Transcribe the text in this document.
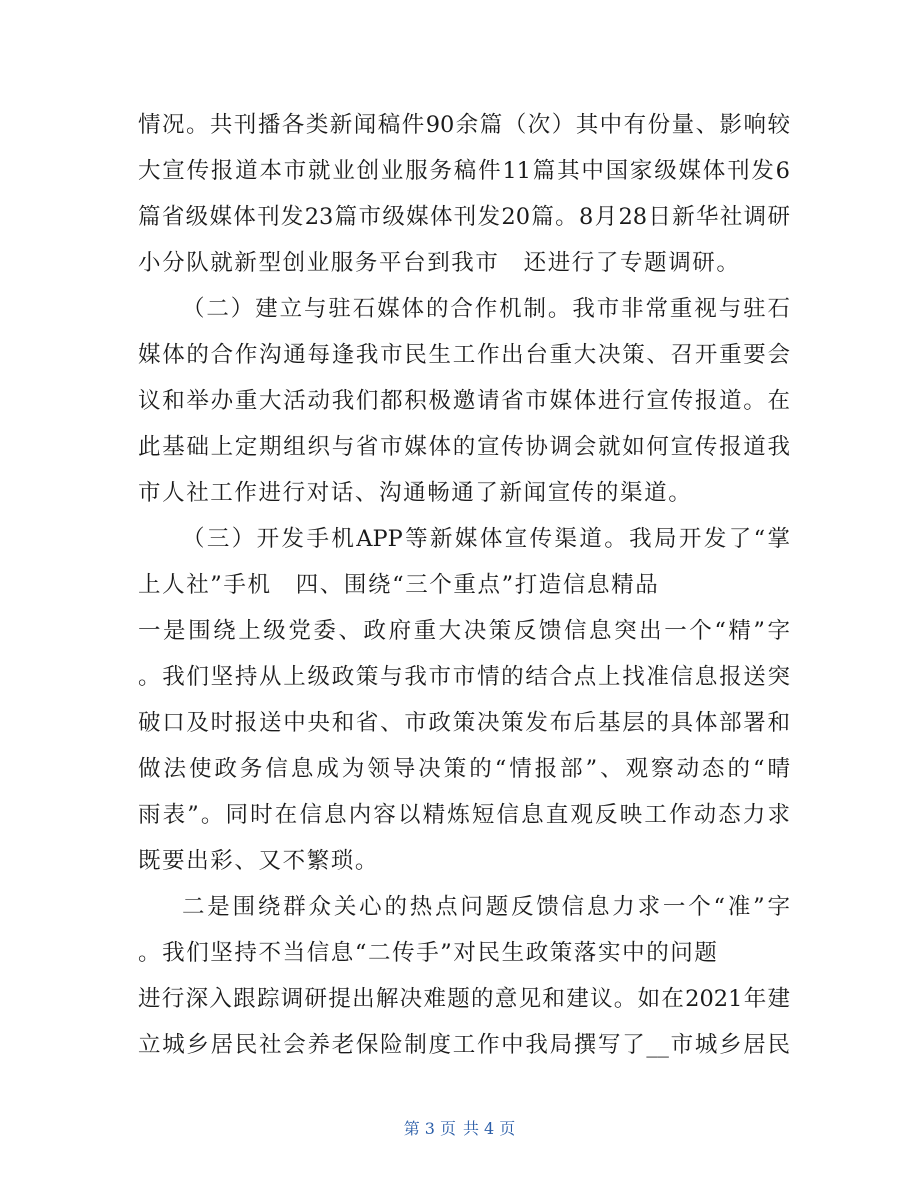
情况。共刊播各类新闻稿件90余篇（次）其中有份量、影响较
大宣传报道本市就业创业服务稿件11篇其中国家级媒体刊发6
篇省级媒体刊发23篇市级媒体刊发20篇。8月28日新华社调研
小分队就新型创业服务平台到我市　还进行了专题调研。
（二）建立与驻石媒体的合作机制。我市非常重视与驻石
媒体的合作沟通每逢我市民生工作出台重大决策、召开重要会
议和举办重大活动我们都积极邀请省市媒体进行宣传报道。在
此基础上定期组织与省市媒体的宣传协调会就如何宣传报道我
市人社工作进行对话、沟通畅通了新闻宣传的渠道。
（三）开发手机APP等新媒体宣传渠道。我局开发了“掌
上人社”手机　四、围绕“三个重点”打造信息精品
一是围绕上级党委、政府重大决策反馈信息突出一个“精”字
。我们坚持从上级政策与我市市情的结合点上找准信息报送突
破口及时报送中央和省、市政策决策发布后基层的具体部署和
做法使政务信息成为领导决策的“情报部”、观察动态的“晴
雨表”。同时在信息内容以精炼短信息直观反映工作动态力求
既要出彩、又不繁琐。
二是围绕群众关心的热点问题反馈信息力求一个“准”字
。我们坚持不当信息“二传手”对民生政策落实中的问题
进行深入跟踪调研提出解决难题的意见和建议。如在2021年建
立城乡居民社会养老保险制度工作中我局撰写了__市城乡居民
第 3 页 共 4 页
